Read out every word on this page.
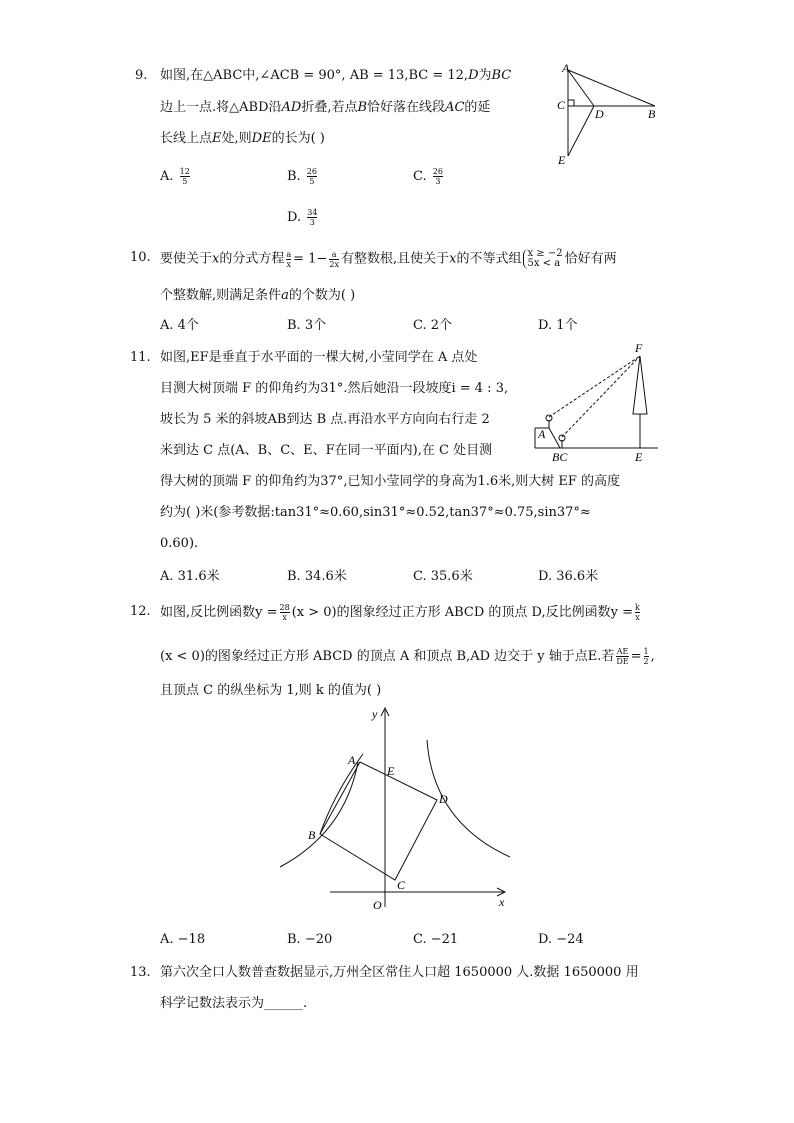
9. 如图,在△ABC中,∠ACB = 90°, AB = 13,BC = 12,D为BC
边上一点.将△ABD沿AD折叠,若点B恰好落在线段AC的延
长线上点E处,则DE的长为( )
A. $\frac{12}{5}$	B. $\frac{26}{5}$	C. $\frac{26}{3}$
D. $\frac{34}{3}$
A
C
D	B
E
10. 要使关于x的分式方程 $\frac{a}{x} = 1- \frac{a}{2x}$ 有整数根,且使关于x的不等式组 x ≥ −2
5x < a 恰好有两
个整数解,则满足条件a的个数为( )
A. 4个	B. 3个	C. 2个	D. 1个
11. 如图,EF是垂直于水平面的一棵大树,小莹同学在 A 点处
目测大树顶端 F 的仰角约为31°.然后她沿一段坡度i = 4 : 3,
坡长为 5 米的斜坡AB到达 B 点.再沿水平方向向右行走 2
米到达 C 点(A、B、C、E、F在同一平面内),在 C 处目测
得大树的顶端 F 的仰角约为37°,已知小莹同学的身高为1.6米,则大树 EF 的高度
约为( )米(参考数据:tan31°≈0.60,sin31°≈0.52,tan37°≈0.75,sin37°≈
0.60).
A. 31.6米	B. 34.6米	C. 35.6米	D. 36.6米
F
A
BC	E
12. 如图,反比例函数$y = \frac{28}{x} (x > 0)$的图象经过正方形 ABCD 的顶点 D,反比例函数$y = \frac{k}{x}$
(x < 0)的图象经过正方形 ABCD 的顶点 A 和顶点 B,AD 边交于 y 轴于点E.若 $\frac{AE}{DE} = \frac{1}{2}$ ,
且顶点 C 的纵坐标为 1,则 k 的值为( )
y
x
O
A
E
D
B
C
A. −18	B. −20	C. −21	D. −24
13. 第六次全口人数普查数据显示,万州全区常住人口超 1650000 人.数据 1650000 用
科学记数法表示为______.
